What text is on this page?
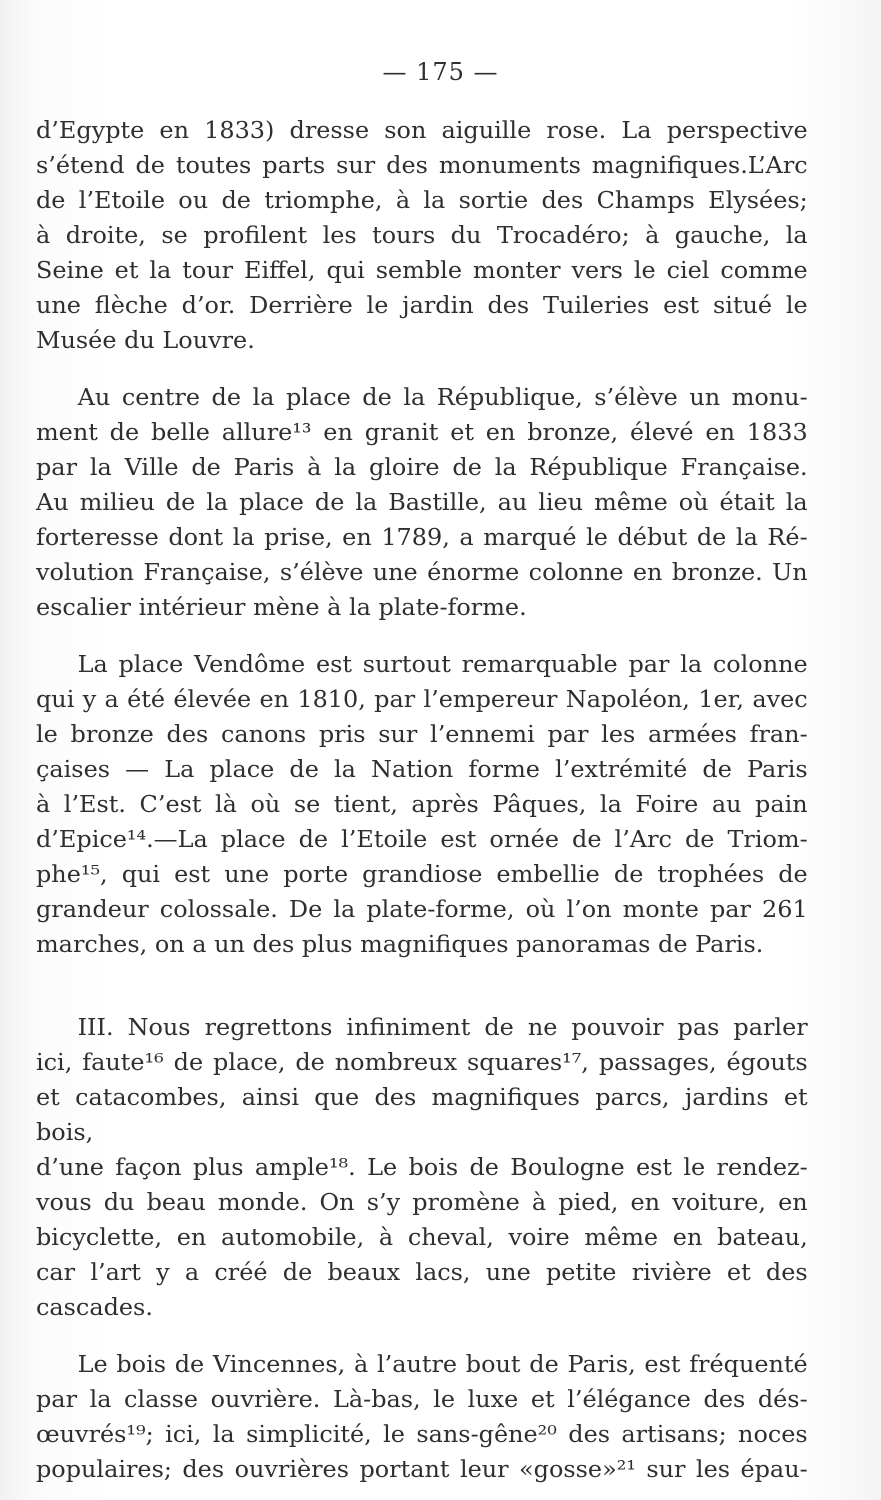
— 175 —
d’Egypte en 1833) dresse son aiguille rose. La perspective
s’étend de toutes parts sur des monuments magnifiques.L’Arc
de l’Etoile ou de triomphe, à la sortie des Champs Elysées;
à droite, se profilent les tours du Trocadéro; à gauche, la
Seine et la tour Eiffel, qui semble monter vers le ciel comme
une flèche d’or. Derrière le jardin des Tuileries est situé le
Musée du Louvre.
Au centre de la place de la République, s’élève un monu-
ment de belle allure¹³ en granit et en bronze, élevé en 1833
par la Ville de Paris à la gloire de la République Française.
Au milieu de la place de la Bastille, au lieu même où était la
forteresse dont la prise, en 1789, a marqué le début de la Ré-
volution Française, s’élève une énorme colonne en bronze. Un
escalier intérieur mène à la plate-forme.
La place Vendôme est surtout remarquable par la colonne
qui y a été élevée en 1810, par l’empereur Napoléon, 1er, avec
le bronze des canons pris sur l’ennemi par les armées fran-
çaises — La place de la Nation forme l’extrémité de Paris
à l’Est. C’est là où se tient, après Pâques, la Foire au pain
d’Epice¹⁴.—La place de l’Etoile est ornée de l’Arc de Triom-
phe¹⁵, qui est une porte grandiose embellie de trophées de
grandeur colossale. De la plate-forme, où l’on monte par 261
marches, on a un des plus magnifiques panoramas de Paris.
III. Nous regrettons infiniment de ne pouvoir pas parler
ici, faute¹⁶ de place, de nombreux squares¹⁷, passages, égouts
et catacombes, ainsi que des magnifiques parcs, jardins et bois,
d’une façon plus ample¹⁸. Le bois de Boulogne est le rendez-
vous du beau monde. On s’y promène à pied, en voiture, en
bicyclette, en automobile, à cheval, voire même en bateau,
car l’art y a créé de beaux lacs, une petite rivière et des
cascades.
Le bois de Vincennes, à l’autre bout de Paris, est fréquenté
par la classe ouvrière. Là-bas, le luxe et l’élégance des dés-
œuvrés¹⁹; ici, la simplicité, le sans-gêne²⁰ des artisans; noces
populaires; des ouvrières portant leur «gosse»²¹ sur les épau-
